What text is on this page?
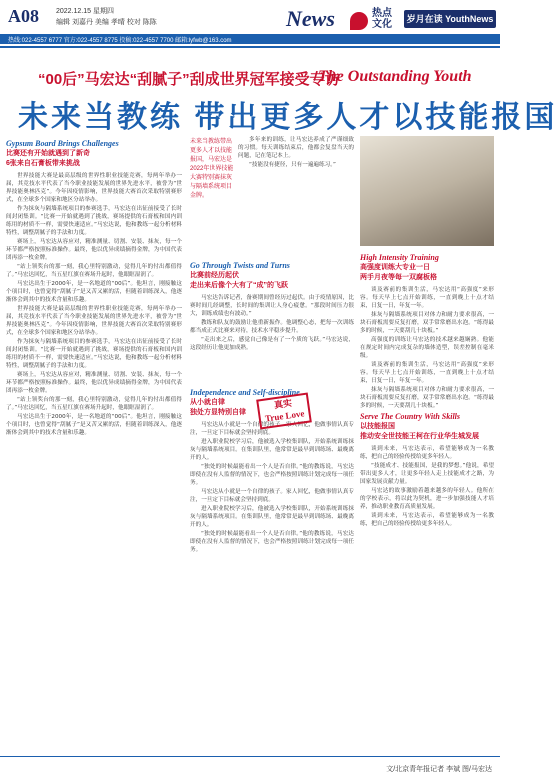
A08 2022.12.15 星期四
编辑 刘嘉丹 美编 孝晴 校对 陈陈	News	热点
文化 岁月在读 YouthNews
热线:022-4557 6777 官方:022-4557 8775 投稿:022-4557 7700 邮箱:lyfwb@163.com
“00后”马宏达“刮腻子”刮成世界冠军接受专访
The Outstanding Youth
未来当教练 带出更多人才以技能报国
Gypsum Board Brings Challenges
比赛还有开始就遇到了新奇
6张来自石膏板带来挑战

世界技能大赛是最高层级的世界性职业技能竞赛，每两年举办一届，其竞技水平代表了当今职业技能发展的世界先进水平，被誉为“世界技能奥林匹克”。今年因疫情影响，世界技能大赛首次采取特别赛形式，在全球多个国家和地区分站举办。

作为抹灰与隔墙系统项目的参赛选手，马宏达在出征前接受了长时间封闭集训。“比赛一开始就遇到了挑战，赛场提供的石膏板和国内训练用的材质不一样，需要快速适应。”马宏达说，他和教练一起分析材料特性，调整刮腻子的手法和力度。

赛场上，马宏达从容应对，精准测量、切割、安装、抹灰，每一个环节都严格按照标准操作。最终，他以优异成绩摘得金牌，为中国代表团再添一枚金牌。

“站上领奖台的那一刻，我心里特别激动，觉得几年的付出都值得了。”马宏达回忆，当五星红旗在赛场升起时，他眼眶湿润了。

马宏达出生于2000年，是一名地道的“00后”。他坦言，刚接触这个项目时，也曾觉得“刮腻子”是又苦又累的活，但随着训练深入，他逐渐体会到其中的技术含量和乐趣。

世界技能大赛是最高层级的世界性职业技能竞赛，每两年举办一届，其竞技水平代表了当今职业技能发展的世界先进水平，被誉为“世界技能奥林匹克”。今年因疫情影响，世界技能大赛首次采取特别赛形式，在全球多个国家和地区分站举办。

作为抹灰与隔墙系统项目的参赛选手，马宏达在出征前接受了长时间封闭集训。“比赛一开始就遇到了挑战，赛场提供的石膏板和国内训练用的材质不一样，需要快速适应。”马宏达说，他和教练一起分析材料特性，调整刮腻子的手法和力度。

赛场上，马宏达从容应对，精准测量、切割、安装、抹灰，每一个环节都严格按照标准操作。最终，他以优异成绩摘得金牌，为中国代表团再添一枚金牌。

“站上领奖台的那一刻，我心里特别激动，觉得几年的付出都值得了。”马宏达回忆，当五星红旗在赛场升起时，他眼眶湿润了。

马宏达出生于2000年，是一名地道的“00后”。他坦言，刚接触这个项目时，也曾觉得“刮腻子”是又苦又累的活，但随着训练深入，他逐渐体会到其中的技术含量和乐趣。

未来当教练带出更多人才以技能报国，马宏达是2022年世界技能大赛特别赛抹灰与隔墙系统项目金牌。

多年来的训练，让马宏达养成了严谨细致的习惯。每天训练结束后，他都会复盘当天的问题，记在笔记本上。

“技能没有捷径，只有一遍遍练习。”

Go Through Twists and Turns
比赛前经历起伏
走出来后像个大有了“成”的飞跃

马宏达告诉记者，备赛期间曾经历过起伏。由于疫情原因，比赛时间几经调整，长时间的集训让人身心疲惫。“那段时间压力很大，训练成绩也有波动。”

教练和队友的鼓励让他重新振作。他调整心态，把每一次训练都当成正式比赛来对待，技术水平稳步提升。

“走出来之后，感觉自己像是有了一个质的飞跃。”马宏达说，这段经历让他更加成熟。

Independence and Self-discipline
从小就自律
独处方显特别自律

马宏达从小就是一个自律的孩子。家人回忆，他做事情认真专注，一旦定下目标就会坚持到底。

进入职业院校学习后，他被选入学校集训队，开始系统训练抹灰与隔墙系统项目。在集训队里，他常常是最早到训练场、最晚离开的人。

“独处的时候最能看出一个人是否自律。”他的教练说，马宏达即使在没有人监督的情况下，也会严格按照训练计划完成每一项任务。

马宏达从小就是一个自律的孩子。家人回忆，他做事情认真专注，一旦定下目标就会坚持到底。

进入职业院校学习后，他被选入学校集训队，开始系统训练抹灰与隔墙系统项目。在集训队里，他常常是最早到训练场、最晚离开的人。

“独处的时候最能看出一个人是否自律。”他的教练说，马宏达即使在没有人监督的情况下，也会严格按照训练计划完成每一项任务。

真实
True Love
High Intensity Training
高强度训练大专业一日
两手月夜等每一双腐板格

谈及赛前的集训生活，马宏达用“高强度”来形容。每天早上七点开始训练，一直到晚上十点才结束，日复一日，年复一年。

抹灰与隔墙系统项目对体力和耐力要求很高，一块石膏板需要反复打磨，双手常常磨出水泡。“练得最多的时候，一天要刮几十块板。”

高强度的训练让马宏达的技术越来越娴熟。他能在规定时间内完成复杂的墙体造型，误差控制在毫米级。

谈及赛前的集训生活，马宏达用“高强度”来形容。每天早上七点开始训练，一直到晚上十点才结束，日复一日，年复一年。

抹灰与隔墙系统项目对体力和耐力要求很高，一块石膏板需要反复打磨，双手常常磨出水泡。“练得最多的时候，一天要刮几十块板。”

Serve The Country With Skills
以技能报国
推动安全世技能王柯在行业华生城发展

谈到未来，马宏达表示，希望能够成为一名教练，把自己的经验传授给更多年轻人。

“技能成才、技能报国，是我的梦想。”他说，希望带出更多人才，让更多年轻人走上技能成才之路，为国家发展贡献力量。

马宏达的故事激励着越来越多的年轻人。他所在的学校表示，将以此为契机，进一步加强技能人才培养，推动职业教育高质量发展。

谈到未来，马宏达表示，希望能够成为一名教练，把自己的经验传授给更多年轻人。

文/北京青年报记者 李斌 图/马宏达
